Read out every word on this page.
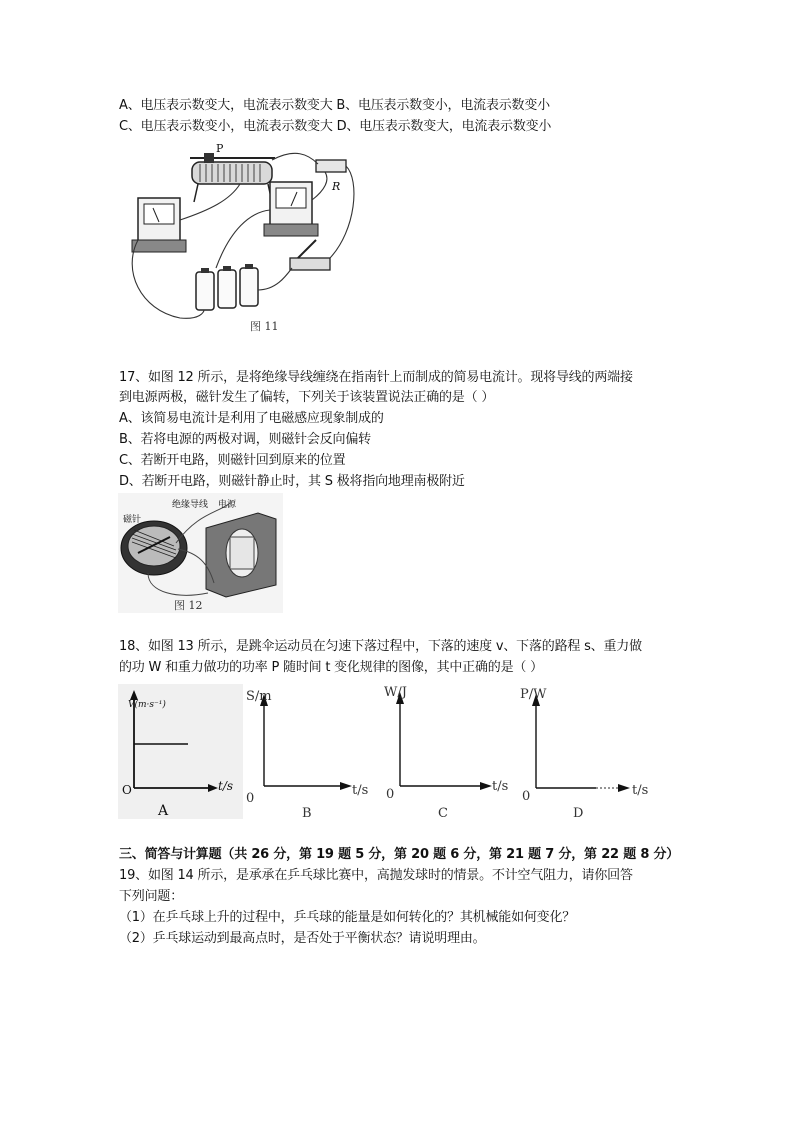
A、电压表示数变大，电流表示数变大 B、电压表示数变小，电流表示数变小
C、电压表示数变小，电流表示数变大 D、电压表示数变大，电流表示数变小
P
R
图 11
17、如图 12 所示，是将绝缘导线缠绕在指南针上而制成的简易电流计。现将导线的两端接
到电源两极，磁针发生了偏转，下列关于该装置说法正确的是（ ）
A、该简易电流计是利用了电磁感应现象制成的
B、若将电源的两极对调，则磁针会反向偏转
C、若断开电路，则磁针回到原来的位置
D、若断开电路，则磁针静止时，其 S 极将指向地理南极附近
磁针
绝缘导线 电源
图 12
18、如图 13 所示，是跳伞运动员在匀速下落过程中，下落的速度 v、下落的路程 s、重力做
的功 W 和重力做功的功率 P 随时间 t 变化规律的图像，其中正确的是（ ）
V(m·s⁻¹)
t/s
O
A
S/m
t/s
0
B
W/J
t/s
0
C
P/W
t/s
0
D
三、简答与计算题（共 26 分，第 19 题 5 分，第 20 题 6 分，第 21 题 7 分，第 22 题 8 分）
19、如图 14 所示，是承承在乒乓球比赛中，高抛发球时的情景。不计空气阻力，请你回答
下列问题：
（1）在乒乓球上升的过程中，乒乓球的能量是如何转化的？其机械能如何变化？
（2）乒乓球运动到最高点时，是否处于平衡状态？请说明理由。
